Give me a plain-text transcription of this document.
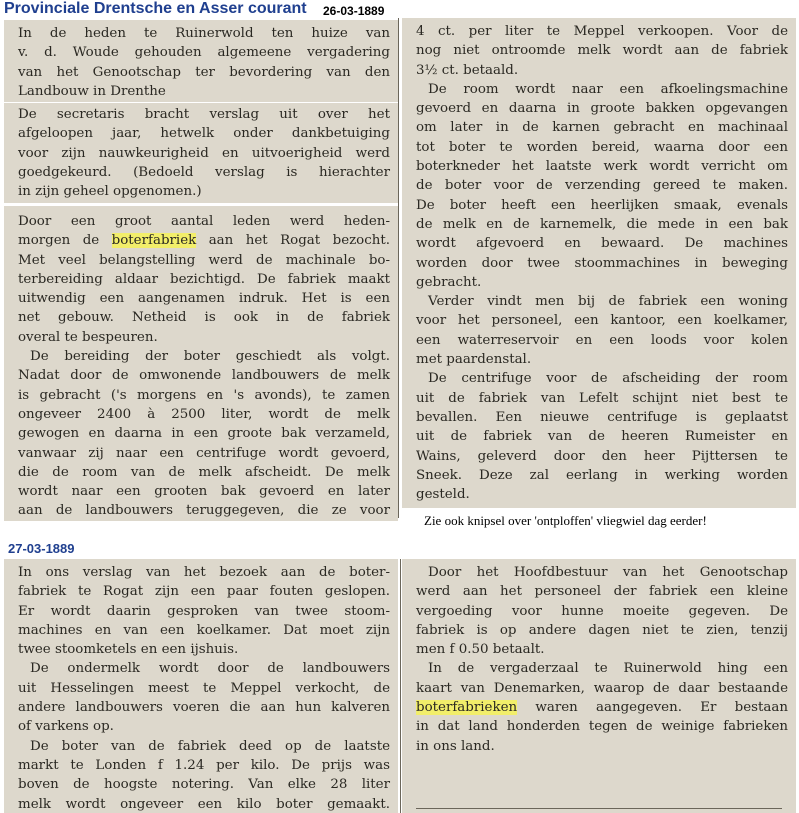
Provinciale Drentsche en Asser courant 26-03-1889
In de heden te Ruinerwold ten huize van
v. d. Woude gehouden algemeene vergadering
van het Genootschap ter bevordering van den
Landbouw in Drenthe
De secretaris bracht verslag uit over het
afgeloopen jaar, hetwelk onder dankbetuiging
voor zijn nauwkeurigheid en uitvoerigheid werd
goedgekeurd. (Bedoeld verslag is hierachter
in zijn geheel opgenomen.)
Door een groot aantal leden werd heden-
morgen de boterfabriek aan het Rogat bezocht.
Met veel belangstelling werd de machinale bo-
terbereiding aldaar bezichtigd. De fabriek maakt
uitwendig een aangenamen indruk. Het is een
net gebouw. Netheid is ook in de fabriek
overal te bespeuren.
De bereiding der boter geschiedt als volgt.
Nadat door de omwonende landbouwers de melk
is gebracht ('s morgens en 's avonds), te zamen
ongeveer 2400 à 2500 liter, wordt de melk
gewogen en daarna in een groote bak verzameld,
vanwaar zij naar een centrifuge wordt gevoerd,
die de room van de melk afscheidt. De melk
wordt naar een grooten bak gevoerd en later
aan de landbouwers teruggegeven, die ze voor
4 ct. per liter te Meppel verkoopen. Voor de
nog niet ontroomde melk wordt aan de fabriek
3½ ct. betaald.
De room wordt naar een afkoelingsmachine
gevoerd en daarna in groote bakken opgevangen
om later in de karnen gebracht en machinaal
tot boter te worden bereid, waarna door een
boterkneder het laatste werk wordt verricht om
de boter voor de verzending gereed te maken.
De boter heeft een heerlijken smaak, evenals
de melk en de karnemelk, die mede in een bak
wordt afgevoerd en bewaard. De machines
worden door twee stoommachines in beweging
gebracht.
Verder vindt men bij de fabriek een woning
voor het personeel, een kantoor, een koelkamer,
een waterreservoir en een loods voor kolen
met paardenstal.
De centrifuge voor de afscheiding der room
uit de fabriek van Lefelt schijnt niet best te
bevallen. Een nieuwe centrifuge is geplaatst
uit de fabriek van de heeren Rumeister en
Wains, geleverd door den heer Pijttersen te
Sneek. Deze zal eerlang in werking worden
gesteld.
Zie ook knipsel over 'ontploffen' vliegwiel dag eerder!
27-03-1889
In ons verslag van het bezoek aan de boter-
fabriek te Rogat zijn een paar fouten geslopen.
Er wordt daarin gesproken van twee stoom-
machines en van een koelkamer. Dat moet zijn
twee stoomketels en een ijshuis.
De ondermelk wordt door de landbouwers
uit Hesselingen meest te Meppel verkocht, de
andere landbouwers voeren die aan hun kalveren
of varkens op.
De boter van de fabriek deed op de laatste
markt te Londen f 1.24 per kilo. De prijs was
boven de hoogste notering. Van elke 28 liter
melk wordt ongeveer een kilo boter gemaakt.
Door het Hoofdbestuur van het Genootschap
werd aan het personeel der fabriek een kleine
vergoeding voor hunne moeite gegeven. De
fabriek is op andere dagen niet te zien, tenzij
men f 0.50 betaalt.
In de vergaderzaal te Ruinerwold hing een
kaart van Denemarken, waarop de daar bestaande
boterfabrieken waren aangegeven. Er bestaan
in dat land honderden tegen de weinige fabrieken
in ons land.
